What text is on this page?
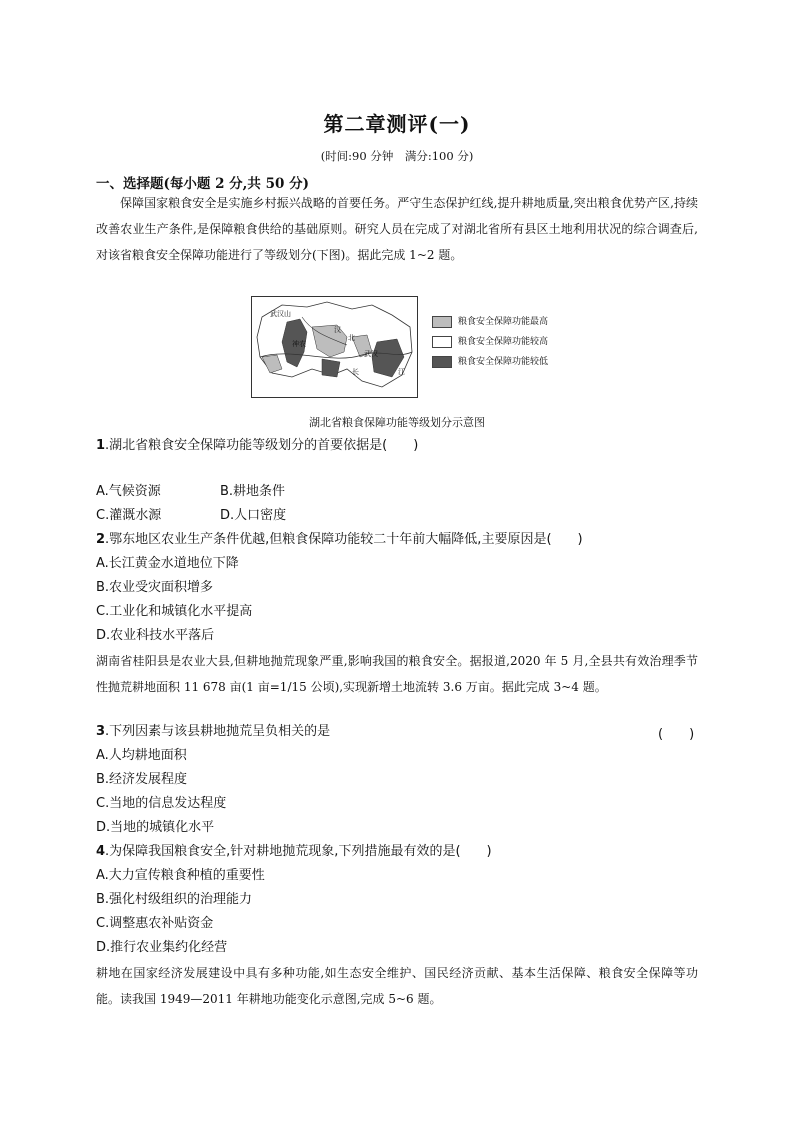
第二章测评(一)
(时间:90 分钟　满分:100 分)
一、选择题(每小题 2 分,共 50 分)
保障国家粮食安全是实施乡村振兴战略的首要任务。严守生态保护红线,提升耕地质量,突出粮食优势产区,持续改善农业生产条件,是保障粮食供给的基础原则。研究人员在完成了对湖北省所有县区土地利用状况的综合调查后,对该省粮食安全保障功能进行了等级划分(下图)。据此完成 1~2 题。
武汉山
汉
神农
北
武汉
江
长
粮食安全保障功能最高
粮食安全保障功能较高
粮食安全保障功能较低
湖北省粮食保障功能等级划分示意图
1.湖北省粮食安全保障功能等级划分的首要依据是(　　)
A.气候资源	B.耕地条件
C.灌溉水源	D.人口密度
2.鄂东地区农业生产条件优越,但粮食保障功能较二十年前大幅降低,主要原因是(　　)
A.长江黄金水道地位下降
B.农业受灾面积增多
C.工业化和城镇化水平提高
D.农业科技水平落后
湖南省桂阳县是农业大县,但耕地抛荒现象严重,影响我国的粮食安全。据报道,2020 年 5 月,全县共有效治理季节性抛荒耕地面积 11 678 亩(1 亩=1/15 公顷),实现新增土地流转 3.6 万亩。据此完成 3~4 题。
3.下列因素与该县耕地抛荒呈负相关的是	(　　)
A.人均耕地面积
B.经济发展程度
C.当地的信息发达程度
D.当地的城镇化水平
4.为保障我国粮食安全,针对耕地抛荒现象,下列措施最有效的是(　　)
A.大力宣传粮食种植的重要性
B.强化村级组织的治理能力
C.调整惠农补贴资金
D.推行农业集约化经营
耕地在国家经济发展建设中具有多种功能,如生态安全维护、国民经济贡献、基本生活保障、粮食安全保障等功能。读我国 1949—2011 年耕地功能变化示意图,完成 5~6 题。
